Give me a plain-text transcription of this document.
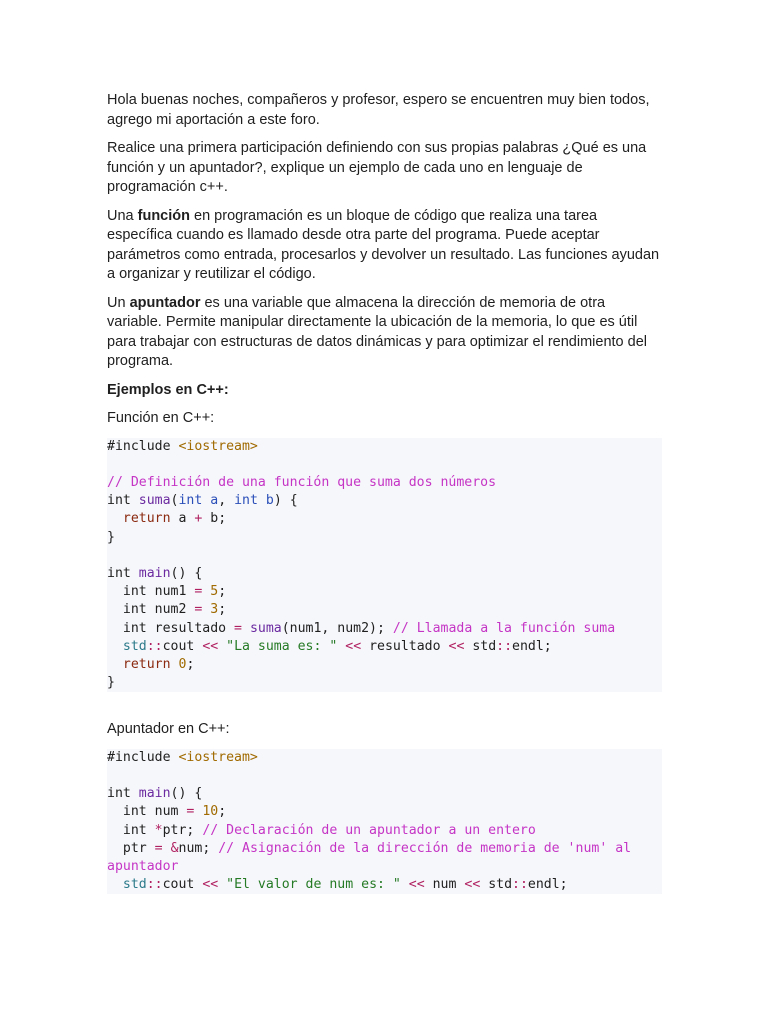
Hola buenas noches, compañeros y profesor, espero se encuentren muy bien todos, agrego mi aportación a este foro.

Realice una primera participación definiendo con sus propias palabras ¿Qué es una función y un apuntador?, explique un ejemplo de cada uno en lenguaje de programación c++.

Una función en programación es un bloque de código que realiza una tarea específica cuando es llamado desde otra parte del programa. Puede aceptar parámetros como entrada, procesarlos y devolver un resultado. Las funciones ayudan a organizar y reutilizar el código.

Un apuntador es una variable que almacena la dirección de memoria de otra variable. Permite manipular directamente la ubicación de la memoria, lo que es útil para trabajar con estructuras de datos dinámicas y para optimizar el rendimiento del programa.

Ejemplos en C++:

Función en C++:

#include <iostream>

// Definición de una función que suma dos números
int suma(int a, int b) {
return a + b;
}

int main() {
int num1 = 5;
int num2 = 3;
int resultado = suma(num1, num2); // Llamada a la función suma
std::cout << "La suma es: " << resultado << std::endl;
return 0;
}

Apuntador en C++:

#include <iostream>

int main() {
int num = 10;
int *ptr; // Declaración de un apuntador a un entero
ptr = &num; // Asignación de la dirección de memoria de 'num' al apuntador
std::cout << "El valor de num es: " << num << std::endl;
